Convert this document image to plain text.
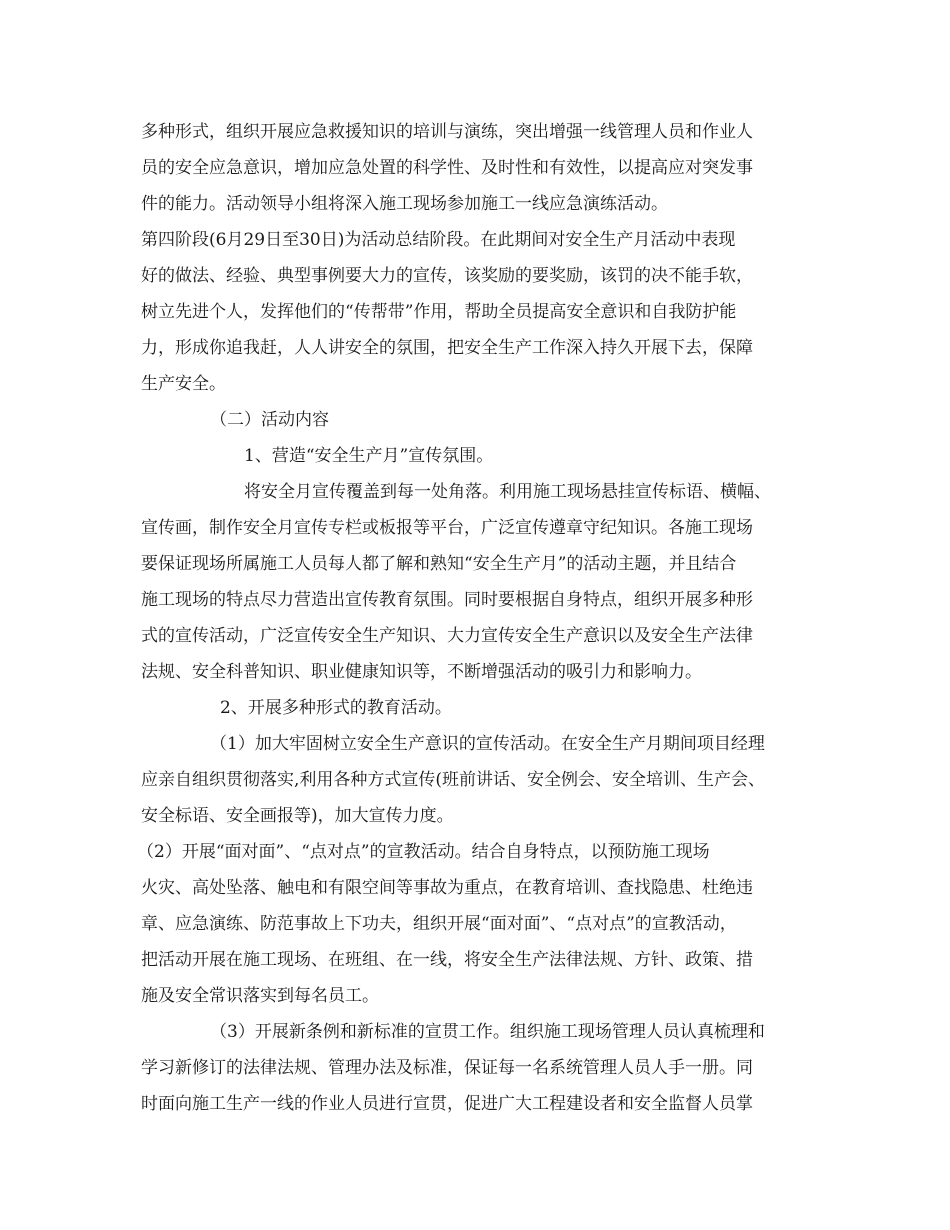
多种形式，组织开展应急救援知识的培训与演练，突出增强一线管理人员和作业人
员的安全应急意识，增加应急处置的科学性、及时性和有效性，以提高应对突发事
件的能力。活动领导小组将深入施工现场参加施工一线应急演练活动。
第四阶段(6月29日至30日)为活动总结阶段。在此期间对安全生产月活动中表现
好的做法、经验、典型事例要大力的宣传，该奖励的要奖励，该罚的决不能手软，
树立先进个人，发挥他们的“传帮带”作用，帮助全员提高安全意识和自我防护能
力，形成你追我赶，人人讲安全的氛围，把安全生产工作深入持久开展下去，保障
生产安全。
（二）活动内容
1、营造“安全生产月”宣传氛围。
将安全月宣传覆盖到每一处角落。利用施工现场悬挂宣传标语、横幅、
宣传画，制作安全月宣传专栏或板报等平台，广泛宣传遵章守纪知识。各施工现场
要保证现场所属施工人员每人都了解和熟知“安全生产月”的活动主题，并且结合
施工现场的特点尽力营造出宣传教育氛围。同时要根据自身特点，组织开展多种形
式的宣传活动，广泛宣传安全生产知识、大力宣传安全生产意识以及安全生产法律
法规、安全科普知识、职业健康知识等，不断增强活动的吸引力和影响力。
2、开展多种形式的教育活动。
（1）加大牢固树立安全生产意识的宣传活动。在安全生产月期间项目经理
应亲自组织贯彻落实,利用各种方式宣传(班前讲话、安全例会、安全培训、生产会、
安全标语、安全画报等)，加大宣传力度。
（2）开展“面对面”、“点对点”的宣教活动。结合自身特点，以预防施工现场
火灾、高处坠落、触电和有限空间等事故为重点，在教育培训、查找隐患、杜绝违
章、应急演练、防范事故上下功夫，组织开展“面对面”、“点对点”的宣教活动，
把活动开展在施工现场、在班组、在一线，将安全生产法律法规、方针、政策、措
施及安全常识落实到每名员工。
（3）开展新条例和新标准的宣贯工作。组织施工现场管理人员认真梳理和
学习新修订的法律法规、管理办法及标准，保证每一名系统管理人员人手一册。同
时面向施工生产一线的作业人员进行宣贯，促进广大工程建设者和安全监督人员掌
